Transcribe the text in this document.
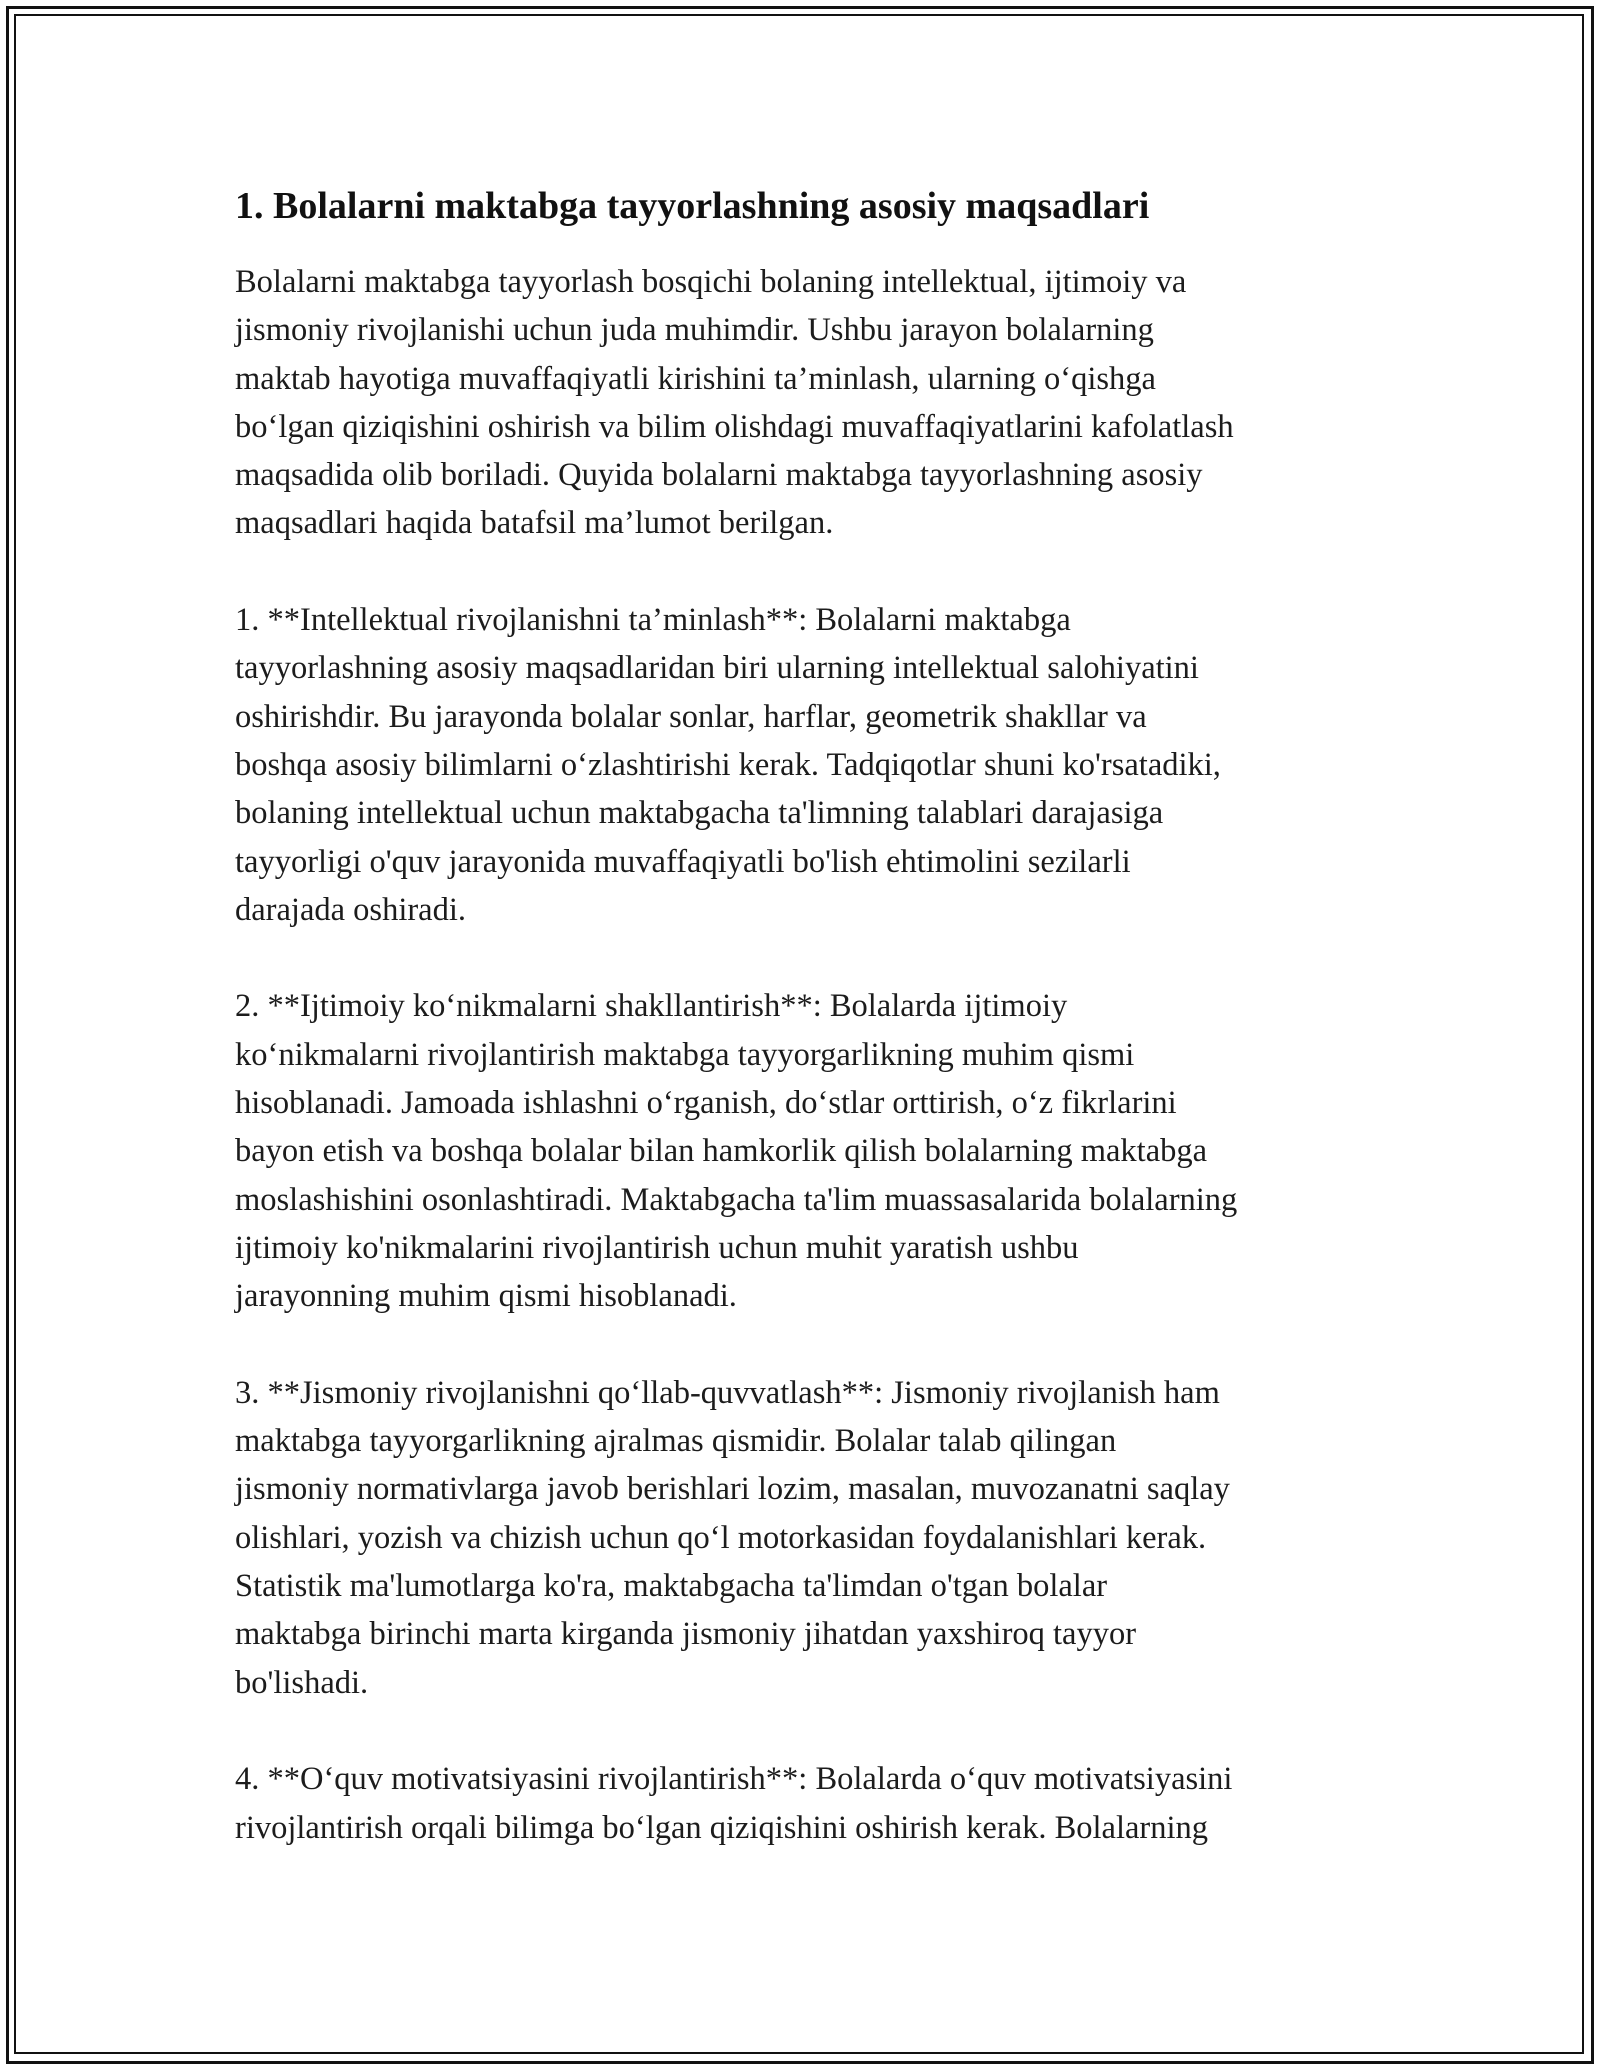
1. Bolalarni maktabga tayyorlashning asosiy maqsadlari

Bolalarni maktabga tayyorlash bosqichi bolaning intellektual, ijtimoiy va
jismoniy rivojlanishi uchun juda muhimdir. Ushbu jarayon bolalarning
maktab hayotiga muvaffaqiyatli kirishini ta’minlash, ularning o‘qishga
bo‘lgan qiziqishini oshirish va bilim olishdagi muvaffaqiyatlarini kafolatlash
maqsadida olib boriladi. Quyida bolalarni maktabga tayyorlashning asosiy
maqsadlari haqida batafsil ma’lumot berilgan.

1. **Intellektual rivojlanishni ta’minlash**: Bolalarni maktabga
tayyorlashning asosiy maqsadlaridan biri ularning intellektual salohiyatini
oshirishdir. Bu jarayonda bolalar sonlar, harflar, geometrik shakllar va
boshqa asosiy bilimlarni o‘zlashtirishi kerak. Tadqiqotlar shuni ko'rsatadiki,
bolaning intellektual uchun maktabgacha ta'limning talablari darajasiga
tayyorligi o'quv jarayonida muvaffaqiyatli bo'lish ehtimolini sezilarli
darajada oshiradi.

2. **Ijtimoiy ko‘nikmalarni shakllantirish**: Bolalarda ijtimoiy
ko‘nikmalarni rivojlantirish maktabga tayyorgarlikning muhim qismi
hisoblanadi. Jamoada ishlashni o‘rganish, do‘stlar orttirish, o‘z fikrlarini
bayon etish va boshqa bolalar bilan hamkorlik qilish bolalarning maktabga
moslashishini osonlashtiradi. Maktabgacha ta'lim muassasalarida bolalarning
ijtimoiy ko'nikmalarini rivojlantirish uchun muhit yaratish ushbu
jarayonning muhim qismi hisoblanadi.

3. **Jismoniy rivojlanishni qo‘llab-quvvatlash**: Jismoniy rivojlanish ham
maktabga tayyorgarlikning ajralmas qismidir. Bolalar talab qilingan
jismoniy normativlarga javob berishlari lozim, masalan, muvozanatni saqlay
olishlari, yozish va chizish uchun qo‘l motorkasidan foydalanishlari kerak.
Statistik ma'lumotlarga ko'ra, maktabgacha ta'limdan o'tgan bolalar
maktabga birinchi marta kirganda jismoniy jihatdan yaxshiroq tayyor
bo'lishadi.

4. **O‘quv motivatsiyasini rivojlantirish**: Bolalarda o‘quv motivatsiyasini
rivojlantirish orqali bilimga bo‘lgan qiziqishini oshirish kerak. Bolalarning
